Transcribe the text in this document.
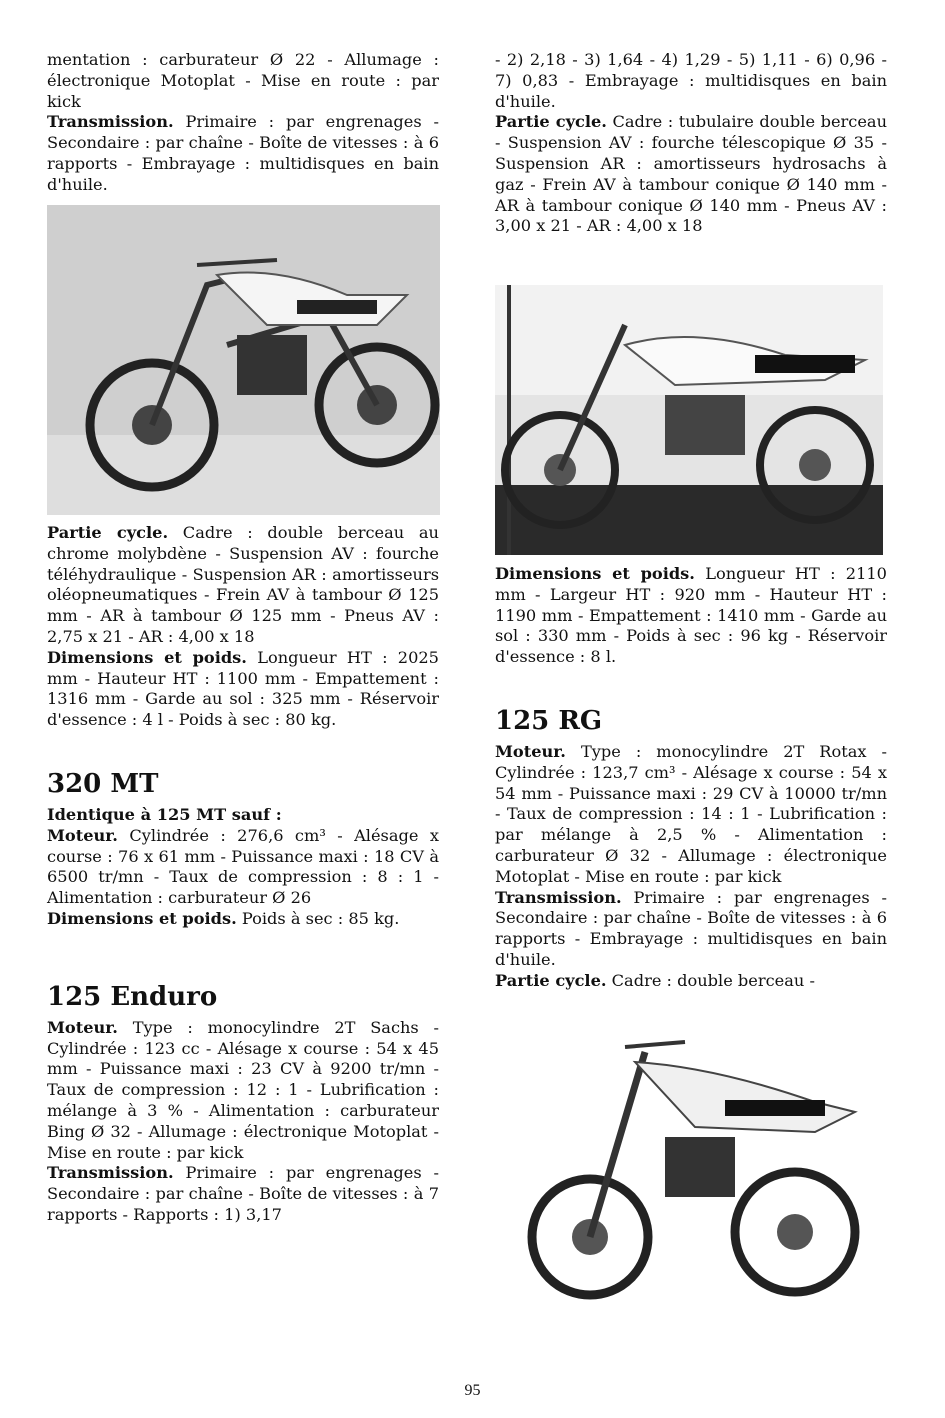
mentation : carburateur Ø 22 - Allumage : électronique Motoplat - Mise en route : par kick

Transmission. Primaire : par engrenages - Secondaire : par chaîne - Boîte de vitesses : à 6 rapports - Embrayage : multidisques en bain d'huile.

Partie cycle. Cadre : double berceau au chrome molybdène - Suspension AV : fourche téléhydraulique - Suspension AR : amortisseurs oléopneumatiques - Frein AV à tambour Ø 125 mm - AR à tambour Ø 125 mm - Pneus AV : 2,75 x 21 - AR : 4,00 x 18

Dimensions et poids. Longueur HT : 2025 mm - Hauteur HT : 1100 mm - Empattement : 1316 mm - Garde au sol : 325 mm - Réservoir d'essence : 4 l - Poids à sec : 80 kg.

320 MT

Identique à 125 MT sauf :

Moteur. Cylindrée : 276,6 cm³ - Alésage x course : 76 x 61 mm - Puissance maxi : 18 CV à 6500 tr/mn - Taux de compression : 8 : 1 - Alimentation : carburateur Ø 26

Dimensions et poids. Poids à sec : 85 kg.

125 Enduro

Moteur. Type : monocylindre 2T Sachs - Cylindrée : 123 cc - Alésage x course : 54 x 45 mm - Puissance maxi : 23 CV à 9200 tr/mn - Taux de compression : 12 : 1 - Lubrification : mélange à 3 % - Alimentation : carburateur Bing Ø 32 - Allumage : électronique Motoplat - Mise en route : par kick

Transmission. Primaire : par engrenages - Secondaire : par chaîne - Boîte de vitesses : à 7 rapports - Rapports : 1) 3,17

- 2) 2,18 - 3) 1,64 - 4) 1,29 - 5) 1,11 - 6) 0,96 - 7) 0,83 - Embrayage : multidisques en bain d'huile.

Partie cycle. Cadre : tubulaire double berceau - Suspension AV : fourche télescopique Ø 35 - Suspension AR : amortisseurs hydrosachs à gaz - Frein AV à tambour conique Ø 140 mm - AR à tambour conique Ø 140 mm - Pneus AV : 3,00 x 21 - AR : 4,00 x 18

Dimensions et poids. Longueur HT : 2110 mm - Largeur HT : 920 mm - Hauteur HT : 1190 mm - Empattement : 1410 mm - Garde au sol : 330 mm - Poids à sec : 96 kg - Réservoir d'essence : 8 l.

125 RG

Moteur. Type : monocylindre 2T Rotax - Cylindrée : 123,7 cm³ - Alésage x course : 54 x 54 mm - Puissance maxi : 29 CV à 10000 tr/mn - Taux de compression : 14 : 1 - Lubrification : par mélange à 2,5 % - Alimentation : carburateur Ø 32 - Allumage : électronique Motoplat - Mise en route : par kick

Transmission. Primaire : par engrenages - Secondaire : par chaîne - Boîte de vitesses : à 6 rapports - Embrayage : multidisques en bain d'huile.

Partie cycle. Cadre : double berceau -

95
